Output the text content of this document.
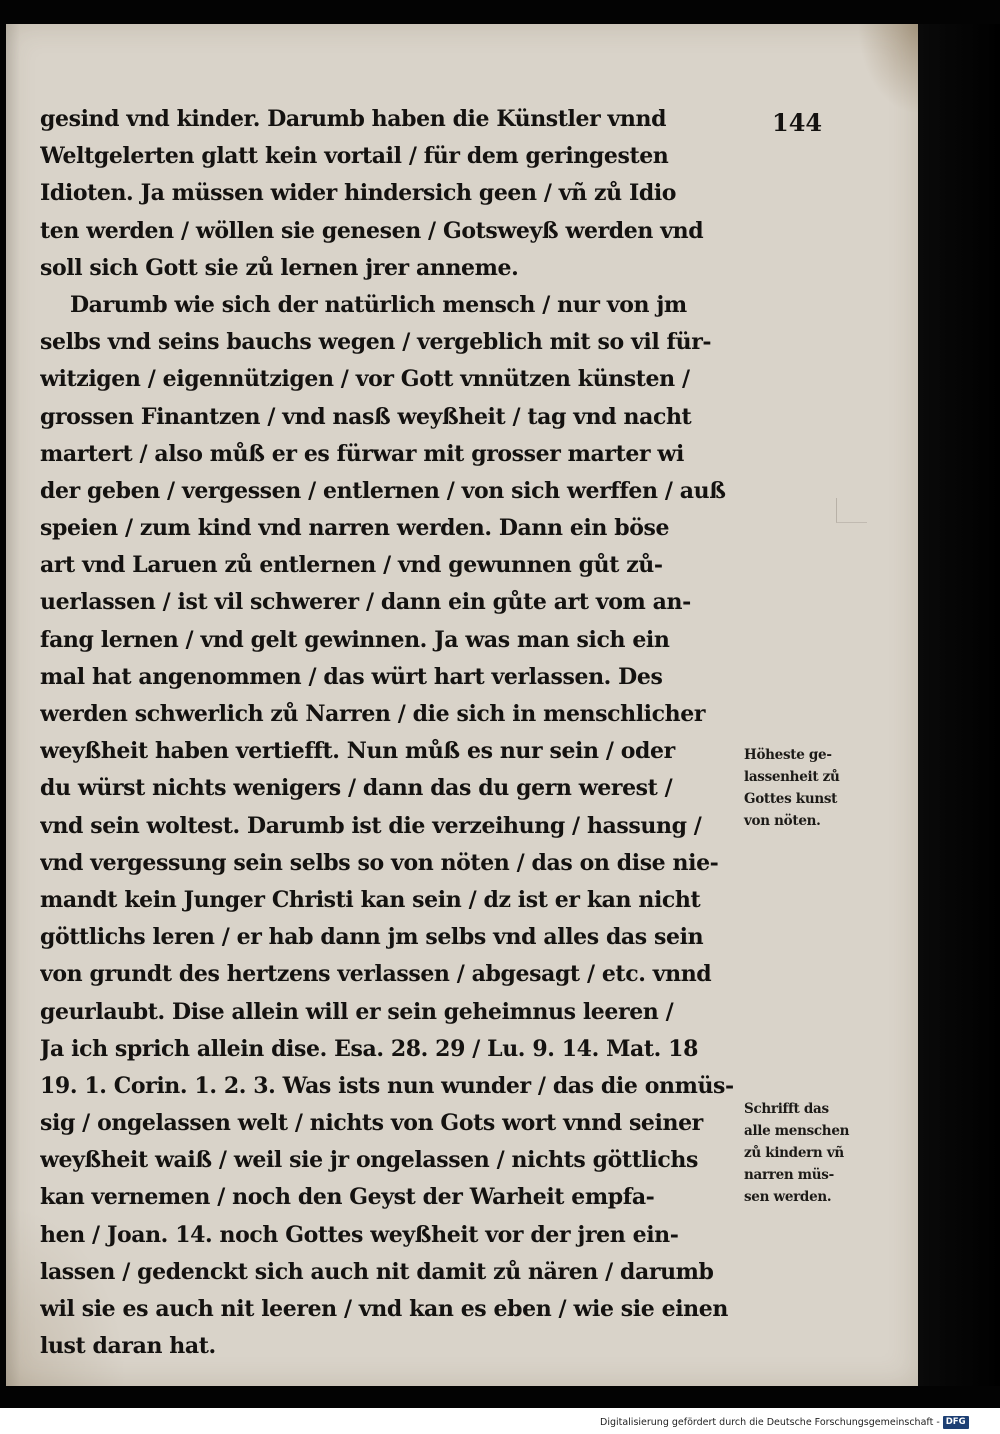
144
gesind vnd kinder. Darumb haben die Künstler vnnd
Weltgelerten glatt kein vortail / für dem geringesten
Idioten. Ja müssen wider hindersich geen / vñ zů Idio
ten werden / wöllen sie genesen / Gotsweyß werden vnd
soll sich Gott sie zů lernen jrer anneme.
Darumb wie sich der natürlich mensch / nur von jm
selbs vnd seins bauchs wegen / vergeblich mit so vil für-
witzigen / eigennützigen / vor Gott vnnützen künsten /
grossen Finantzen / vnd nasß weyßheit / tag vnd nacht
martert / also můß er es fürwar mit grosser marter wi
der geben / vergessen / entlernen / von sich werffen / auß
speien / zum kind vnd narren werden. Dann ein böse
art vnd Laruen zů entlernen / vnd gewunnen gůt zů-
uerlassen / ist vil schwerer / dann ein gůte art vom an-
fang lernen / vnd gelt gewinnen. Ja was man sich ein
mal hat angenommen / das würt hart verlassen. Des
werden schwerlich zů Narren / die sich in menschlicher
weyßheit haben vertiefft. Nun můß es nur sein / oder
du würst nichts wenigers / dann das du gern werest /
vnd sein woltest. Darumb ist die verzeihung / hassung /
vnd vergessung sein selbs so von nöten / das on dise nie-
mandt kein Junger Christi kan sein / dz ist er kan nicht
göttlichs leren / er hab dann jm selbs vnd alles das sein
von grundt des hertzens verlassen / abgesagt / etc. vnnd
geurlaubt. Dise allein will er sein geheimnus leeren /
Ja ich sprich allein dise. Esa. 28. 29 / Lu. 9. 14. Mat. 18
19. 1. Corin. 1. 2. 3. Was ists nun wunder / das die onmüs-
sig / ongelassen welt / nichts von Gots wort vnnd seiner
weyßheit waiß / weil sie jr ongelassen / nichts göttlichs
kan vernemen / noch den Geyst der Warheit empfa-
hen / Joan. 14. noch Gottes weyßheit vor der jren ein-
lassen / gedenckt sich auch nit damit zů nären / darumb
wil sie es auch nit leeren / vnd kan es eben / wie sie einen
lust daran hat.
Höheste ge-
lassenheit zů
Gottes kunst
von nöten.
Schrifft das
alle menschen
zů kindern vñ
narren müs-
sen werden.
Digitalisierung gefördert durch die Deutsche Forschungsgemeinschaft - DFG
